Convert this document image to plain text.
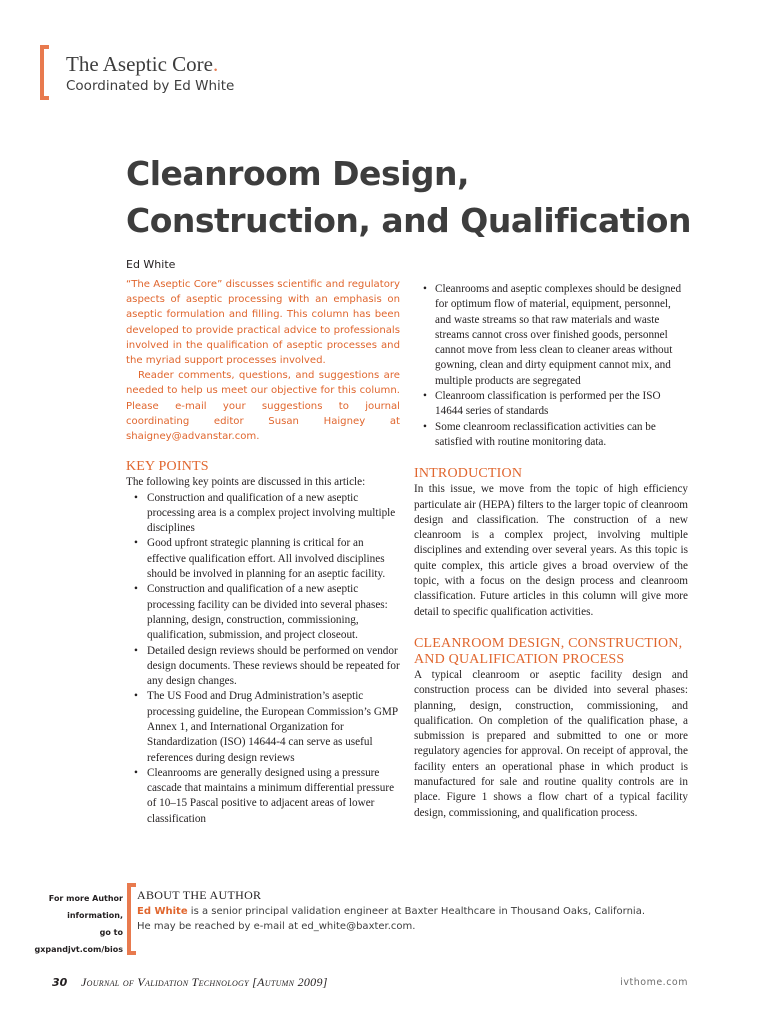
The Aseptic Core.
Coordinated by Ed White
Cleanroom Design,
Construction, and Qualification
Ed White

“The Aseptic Core” discusses scientific and regulatory aspects of aseptic processing with an emphasis on aseptic formulation and filling. This column has been developed to provide practical advice to professionals involved in the qualification of aseptic processes and the myriad support processes involved.

Reader comments, questions, and suggestions are needed to help us meet our objective for this column. Please e-mail your suggestions to journal coordinating editor Susan Haigney at shaigney@advanstar.com.

KEY POINTS

The following key points are discussed in this article:

• Construction and qualification of a new aseptic processing area is a complex project involving multiple disciplines
• Good upfront strategic planning is critical for an effective qualification effort. All involved disciplines should be involved in planning for an aseptic facility.
• Construction and qualification of a new aseptic processing facility can be divided into several phases: planning, design, construction, commissioning, qualification, submission, and project closeout.
• Detailed design reviews should be performed on vendor design documents. These reviews should be repeated for any design changes.
• The US Food and Drug Administration’s aseptic processing guideline, the European Commission’s GMP Annex 1, and International Organization for Standardization (ISO) 14644-4 can serve as useful references during design reviews
• Cleanrooms are generally designed using a pressure cascade that maintains a minimum differential pressure of 10–15 Pascal positive to adjacent areas of lower classification
• Cleanrooms and aseptic complexes should be designed for optimum flow of material, equipment, personnel, and waste streams so that raw materials and waste streams cannot cross over finished goods, personnel cannot move from less clean to cleaner areas without gowning, clean and dirty equipment cannot mix, and multiple products are segregated
• Cleanroom classification is performed per the ISO 14644 series of standards
• Some cleanroom reclassification activities can be satisfied with routine monitoring data.
INTRODUCTION

In this issue, we move from the topic of high efficiency particulate air (HEPA) filters to the larger topic of cleanroom design and classification. The construction of a new cleanroom is a complex project, involving multiple disciplines and extending over several years. As this topic is quite complex, this article gives a broad overview of the topic, with a focus on the design process and cleanroom classification. Future articles in this column will give more detail to specific qualification activities.

CLEANROOM DESIGN, CONSTRUCTION,
AND QUALIFICATION PROCESS

A typical cleanroom or aseptic facility design and construction process can be divided into several phases: planning, design, construction, commissioning, and qualification. On completion of the qualification phase, a submission is prepared and submitted to one or more regulatory agencies for approval. On receipt of approval, the facility enters an operational phase in which product is manufactured for sale and routine quality controls are in place. Figure 1 shows a flow chart of a typical facility design, commissioning, and qualification process.

For more Author
information,
go to
gxpandjvt.com/bios
ABOUT THE AUTHOR
Ed White is a senior principal validation engineer at Baxter Healthcare in Thousand Oaks, California.
He may be reached by e-mail at ed_white@baxter.com.
30 Journal of Validation Technology [Autumn 2009]	ivthome.com
